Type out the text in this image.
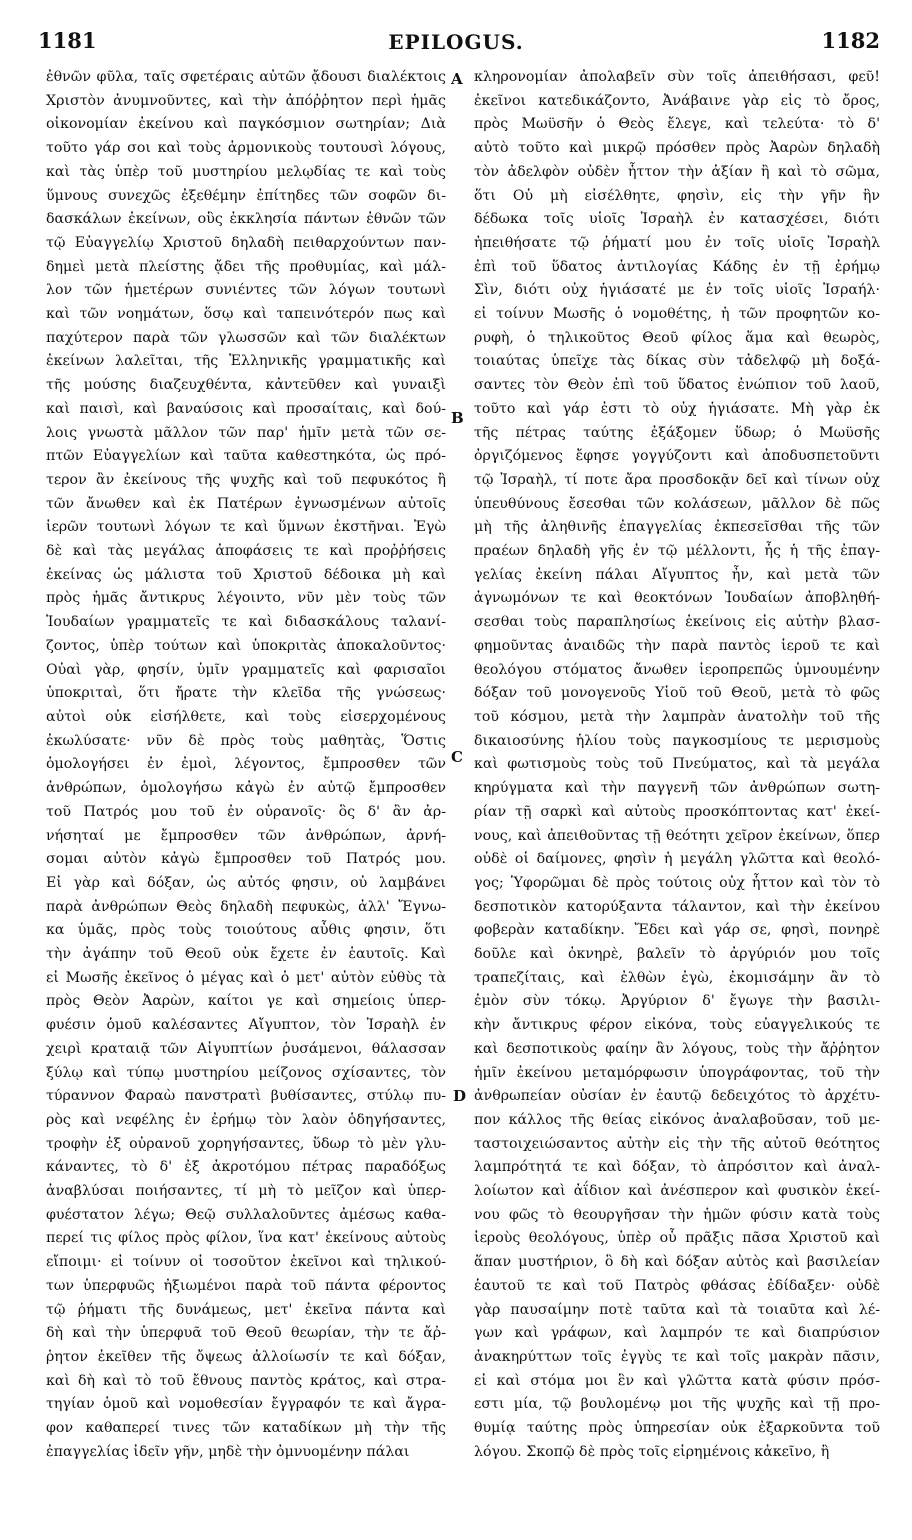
1181	EPILOGUS.	1182
ἐθνῶν φῦλα, ταῖς σφετέραις αὐτῶν ᾄδουσι διαλέκτοις
Χριστὸν ἀνυμνοῦντες, καὶ τὴν ἀπόῤῥητον περὶ ἡμᾶς
οἰκονομίαν ἐκείνου καὶ παγκόσμιον σωτηρίαν; Διὰ
τοῦτο γάρ σοι καὶ τοὺς ἁρμονικοὺς τουτουσὶ λόγους,
καὶ τὰς ὑπὲρ τοῦ μυστηρίου μελῳδίας τε καὶ τοὺς
ὕμνους συνεχῶς ἐξεθέμην ἐπίτηδες τῶν σοφῶν δι-
δασκάλων ἐκείνων, οὓς ἐκκλησία πάντων ἐθνῶν τῶν
τῷ Εὐαγγελίῳ Χριστοῦ δηλαδὴ πειθαρχούντων παν-
δημεὶ μετὰ πλείστης ᾄδει τῆς προθυμίας, καὶ μάλ-
λον τῶν ἡμετέρων συνιέντες τῶν λόγων τουτωνὶ
καὶ τῶν νοημάτων, ὅσῳ καὶ ταπεινότερόν πως καὶ
παχύτερον παρὰ τῶν γλωσσῶν καὶ τῶν διαλέκτων
ἐκείνων λαλεῖται, τῆς Ἑλληνικῆς γραμματικῆς καὶ
τῆς μούσης διαζευχθέντα, κἀντεῦθεν καὶ γυναιξὶ
καὶ παισὶ, καὶ βαναύσοις καὶ προσαίταις, καὶ δού-
λοις γνωστὰ μᾶλλον τῶν παρ' ἡμῖν μετὰ τῶν σε-
πτῶν Εὐαγγελίων καὶ ταῦτα καθεστηκότα, ὡς πρό-
τερον ἂν ἐκείνους τῆς ψυχῆς καὶ τοῦ πεφυκότος ἢ
τῶν ἄνωθεν καὶ ἐκ Πατέρων ἐγνωσμένων αὐτοῖς
ἱερῶν τουτωνὶ λόγων τε καὶ ὕμνων ἐκστῆναι. Ἐγὼ
δὲ καὶ τὰς μεγάλας ἀποφάσεις τε καὶ προῤῥήσεις
ἐκείνας ὡς μάλιστα τοῦ Χριστοῦ δέδοικα μὴ καὶ
πρὸς ἡμᾶς ἄντικρυς λέγοιντο, νῦν μὲν τοὺς τῶν
Ἰουδαίων γραμματεῖς τε καὶ διδασκάλους ταλανί-
ζοντος, ὑπὲρ τούτων καὶ ὑποκριτὰς ἀποκαλοῦντος·
Οὐαὶ γὰρ, φησίν, ὑμῖν γραμματεῖς καὶ φαρισαῖοι
ὑποκριταὶ, ὅτι ἤρατε τὴν κλεῖδα τῆς γνώσεως·
αὐτοὶ οὐκ εἰσήλθετε, καὶ τοὺς εἰσερχομένους
ἐκωλύσατε· νῦν δὲ πρὸς τοὺς μαθητὰς, Ὅστις
ὁμολογήσει ἐν ἐμοὶ, λέγοντος, ἔμπροσθεν τῶν
ἀνθρώπων, ὁμολογήσω κἀγὼ ἐν αὐτῷ ἔμπροσθεν
τοῦ Πατρός μου τοῦ ἐν οὐρανοῖς· ὃς δ' ἂν ἀρ-
νήσηταί με ἔμπροσθεν τῶν ἀνθρώπων, ἀρνή-
σομαι αὐτὸν κἀγὼ ἔμπροσθεν τοῦ Πατρός μου.
Εἰ γὰρ καὶ δόξαν, ὡς αὐτός φησιν, οὐ λαμβάνει
παρὰ ἀνθρώπων Θεὸς δηλαδὴ πεφυκὼς, ἀλλ' Ἔγνω-
κα ὑμᾶς, πρὸς τοὺς τοιούτους αὖθις φησιν, ὅτι
τὴν ἀγάπην τοῦ Θεοῦ οὐκ ἔχετε ἐν ἑαυτοῖς. Καὶ
εἰ Μωσῆς ἐκεῖνος ὁ μέγας καὶ ὁ μετ' αὐτὸν εὐθὺς τὰ
πρὸς Θεὸν Ἀαρὼν, καίτοι γε καὶ σημείοις ὑπερ-
φυέσιν ὁμοῦ καλέσαντες Αἴγυπτον, τὸν Ἰσραὴλ ἐν
χειρὶ κραταιᾷ τῶν Αἰγυπτίων ῥυσάμενοι, θάλασσαν
ξύλῳ καὶ τύπῳ μυστηρίου μείζονος σχίσαντες, τὸν
τύραννον Φαραὼ πανστρατὶ βυθίσαντες, στύλῳ πυ-
ρὸς καὶ νεφέλης ἐν ἐρήμῳ τὸν λαὸν ὁδηγήσαντες,
τροφὴν ἐξ οὐρανοῦ χορηγήσαντες, ὕδωρ τὸ μὲν γλυ-
κάναντες, τὸ δ' ἐξ ἀκροτόμου πέτρας παραδόξως
ἀναβλύσαι ποιήσαντες, τί μὴ τὸ μεῖζον καὶ ὑπερ-
φυέστατον λέγω; Θεῷ συλλαλοῦντες ἀμέσως καθα-
περεί τις φίλος πρὸς φίλον, ἵνα κατ' ἐκείνους αὐτοὺς
εἴποιμι· εἰ τοίνυν οἱ τοσοῦτον ἐκεῖνοι καὶ τηλικού-
των ὑπερφυῶς ἠξιωμένοι παρὰ τοῦ πάντα φέροντος
τῷ ῥήματι τῆς δυνάμεως, μετ' ἐκεῖνα πάντα καὶ
δὴ καὶ τὴν ὑπερφυᾶ τοῦ Θεοῦ θεωρίαν, τὴν τε ἄῤ-
ῥητον ἐκεῖθεν τῆς ὄψεως ἀλλοίωσίν τε καὶ δόξαν,
καὶ δὴ καὶ τὸ τοῦ ἔθνους παντὸς κράτος, καὶ στρα-
τηγίαν ὁμοῦ καὶ νομοθεσίαν ἔγγραφόν τε καὶ ἄγρα-
φον καθαπερεί τινες τῶν καταδίκων μὴ τὴν τῆς
ἐπαγγελίας ἰδεῖν γῆν, μηδὲ τὴν ὀμνυομένην πάλαι
κληρονομίαν ἀπολαβεῖν σὺν τοῖς ἀπειθήσασι, φεῦ!
ἐκεῖνοι κατεδικάζοντο, Ἀνάβαινε γὰρ εἰς τὸ ὄρος,
πρὸς Μωϋσῆν ὁ Θεὸς ἔλεγε, καὶ τελεύτα· τὸ δ'
αὐτὸ τοῦτο καὶ μικρῷ πρόσθεν πρὸς Ἀαρὼν δηλαδὴ
τὸν ἀδελφὸν οὐδὲν ἧττον τὴν ἀξίαν ἢ καὶ τὸ σῶμα,
ὅτι Οὐ μὴ εἰσέλθητε, φησὶν, εἰς τὴν γῆν ἣν
δέδωκα τοῖς υἱοῖς Ἰσραὴλ ἐν κατασχέσει, διότι
ἠπειθήσατε τῷ ῥήματί μου ἐν τοῖς υἱοῖς Ἰσραὴλ
ἐπὶ τοῦ ὕδατος ἀντιλογίας Κάδης ἐν τῇ ἐρήμῳ
Σὶν, διότι οὐχ ἡγιάσατέ με ἐν τοῖς υἱοῖς Ἰσραήλ·
εἰ τοίνυν Μωσῆς ὁ νομοθέτης, ἡ τῶν προφητῶν κο-
ρυφὴ, ὁ τηλικοῦτος Θεοῦ φίλος ἅμα καὶ θεωρὸς,
τοιαύτας ὑπεῖχε τὰς δίκας σὺν τἀδελφῷ μὴ δοξά-
σαντες τὸν Θεὸν ἐπὶ τοῦ ὕδατος ἐνώπιον τοῦ λαοῦ,
τοῦτο καὶ γάρ ἐστι τὸ οὐχ ἡγιάσατε. Μὴ γὰρ ἐκ
τῆς πέτρας ταύτης ἐξάξομεν ὕδωρ; ὁ Μωϋσῆς
ὀργιζόμενος ἔφησε γογγύζοντι καὶ ἀποδυσπετοῦντι
τῷ Ἰσραὴλ, τί ποτε ἄρα προσδοκᾷν δεῖ καὶ τίνων οὐχ
ὑπευθύνους ἔσεσθαι τῶν κολάσεων, μᾶλλον δὲ πῶς
μὴ τῆς ἀληθινῆς ἐπαγγελίας ἐκπεσεῖσθαι τῆς τῶν
πραέων δηλαδὴ γῆς ἐν τῷ μέλλοντι, ἧς ἡ τῆς ἐπαγ-
γελίας ἐκείνη πάλαι Αἴγυπτος ἦν, καὶ μετὰ τῶν
ἀγνωμόνων τε καὶ θεοκτόνων Ἰουδαίων ἀποβληθή-
σεσθαι τοὺς παραπλησίως ἐκείνοις εἰς αὐτὴν βλασ-
φημοῦντας ἀναιδῶς τὴν παρὰ παντὸς ἱεροῦ τε καὶ
θεολόγου στόματος ἄνωθεν ἱεροπρεπῶς ὑμνουμένην
δόξαν τοῦ μονογενοῦς Υἱοῦ τοῦ Θεοῦ, μετὰ τὸ φῶς
τοῦ κόσμου, μετὰ τὴν λαμπρὰν ἀνατολὴν τοῦ τῆς
δικαιοσύνης ἡλίου τοὺς παγκοσμίους τε μερισμοὺς
καὶ φωτισμοὺς τοὺς τοῦ Πνεύματος, καὶ τὰ μεγάλα
κηρύγματα καὶ τὴν παγγενῆ τῶν ἀνθρώπων σωτη-
ρίαν τῇ σαρκὶ καὶ αὐτοὺς προσκόπτοντας κατ' ἐκεί-
νους, καὶ ἀπειθοῦντας τῇ θεότητι χεῖρον ἐκείνων, ὅπερ
οὐδὲ οἱ δαίμονες, φησὶν ἡ μεγάλη γλῶττα καὶ θεολό-
γος; Ὑφορῶμαι δὲ πρὸς τούτοις οὐχ ἧττον καὶ τὸν τὸ
δεσποτικὸν κατορύξαντα τάλαντον, καὶ τὴν ἐκείνου
φοβερὰν καταδίκην. Ἔδει καὶ γάρ σε, φησὶ, πονηρὲ
δοῦλε καὶ ὀκνηρὲ, βαλεῖν τὸ ἀργύριόν μου τοῖς
τραπεζίταις, καὶ ἐλθὼν ἐγὼ, ἐκομισάμην ἂν τὸ
ἐμὸν σὺν τόκῳ. Ἀργύριον δ' ἔγωγε τὴν βασιλι-
κὴν ἄντικρυς φέρον εἰκόνα, τοὺς εὐαγγελικούς τε
καὶ δεσποτικοὺς φαίην ἂν λόγους, τοὺς τὴν ἄῤῥητον
ἡμῖν ἐκείνου μεταμόρφωσιν ὑπογράφοντας, τοῦ τὴν
ἀνθρωπείαν οὐσίαν ἐν ἑαυτῷ δεδειχότος τὸ ἀρχέτυ-
πον κάλλος τῆς θείας εἰκόνος ἀναλαβοῦσαν, τοῦ με-
ταστοιχειώσαντος αὐτὴν εἰς τὴν τῆς αὐτοῦ θεότητος
λαμπρότητά τε καὶ δόξαν, τὸ ἀπρόσιτον καὶ ἀναλ-
λοίωτον καὶ ἀΐδιον καὶ ἀνέσπερον καὶ φυσικὸν ἐκεί-
νου φῶς τὸ θεουργῆσαν τὴν ἡμῶν φύσιν κατὰ τοὺς
ἱεροὺς θεολόγους, ὑπὲρ οὗ πρᾶξις πᾶσα Χριστοῦ καὶ
ἅπαν μυστήριον, ὃ δὴ καὶ δόξαν αὐτὸς καὶ βασιλείαν
ἑαυτοῦ τε καὶ τοῦ Πατρὸς φθάσας ἐδίδαξεν· οὐδὲ
γὰρ παυσαίμην ποτὲ ταῦτα καὶ τὰ τοιαῦτα καὶ λέ-
γων καὶ γράφων, καὶ λαμπρόν τε καὶ διαπρύσιον
ἀνακηρύττων τοῖς ἐγγὺς τε καὶ τοῖς μακρὰν πᾶσιν,
εἰ καὶ στόμα μοι ἓν καὶ γλῶττα κατὰ φύσιν πρόσ-
εστι μία, τῷ βουλομένῳ μοι τῆς ψυχῆς καὶ τῇ προ-
θυμίᾳ ταύτης πρὸς ὑπηρεσίαν οὐκ ἐξαρκοῦντα τοῦ
λόγου. Σκοπῷ δὲ πρὸς τοῖς εἰρημένοις κἀκεῖνο, ἢ
A
B
C
D
